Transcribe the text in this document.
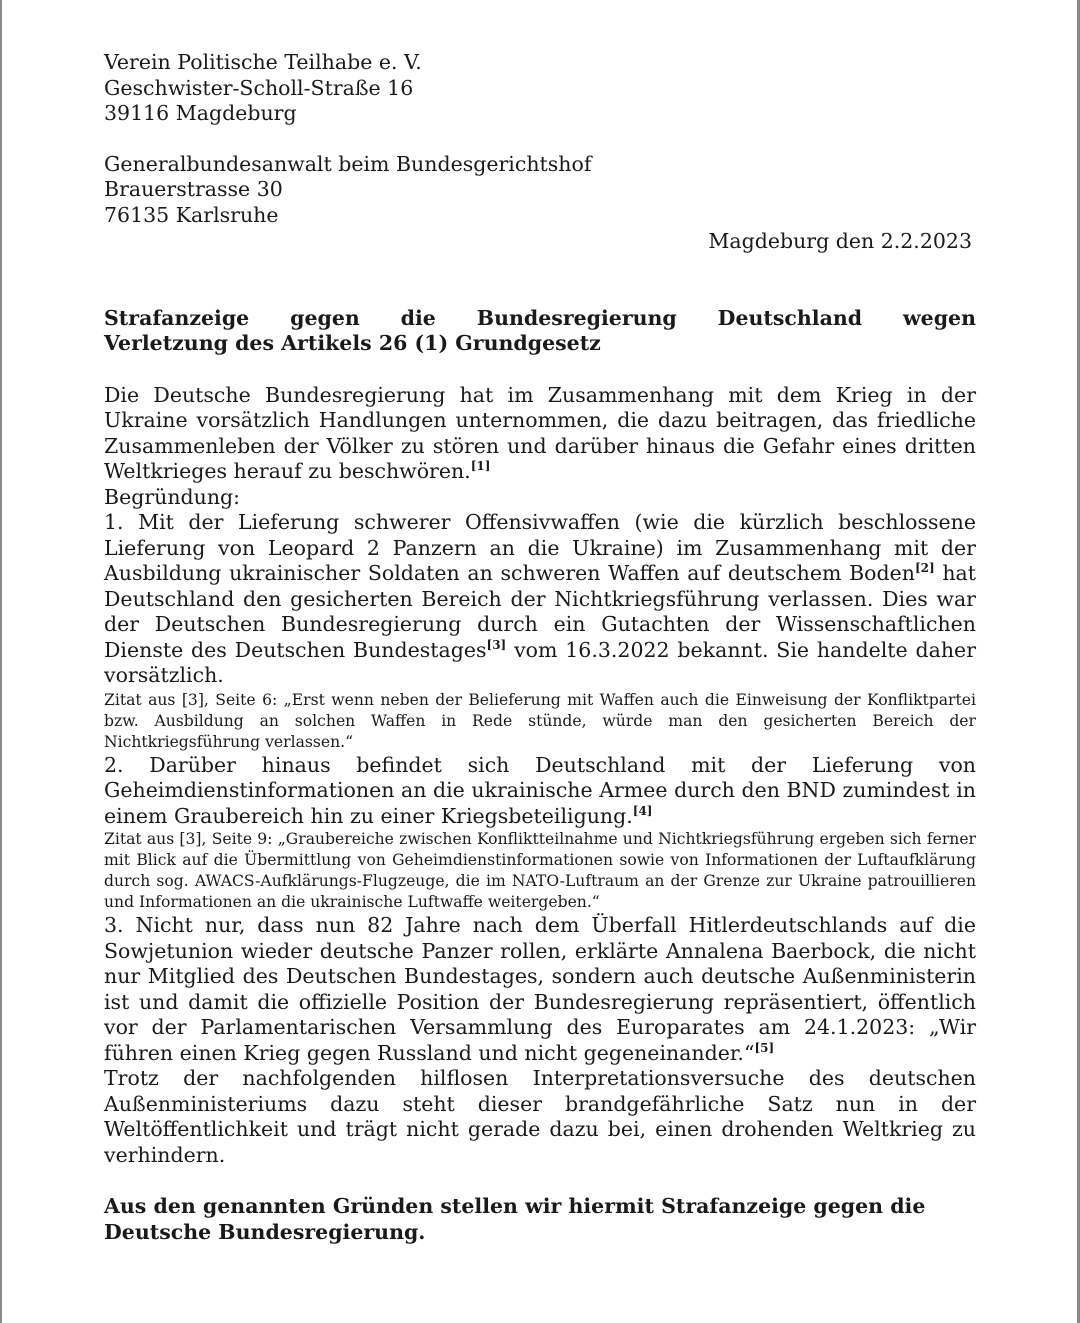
Verein Politische Teilhabe e. V.
Geschwister-Scholl-Straße 16
39116 Magdeburg
Generalbundesanwalt beim Bundesgerichtshof
Brauerstrasse 30
76135 Karlsruhe
Magdeburg den 2.2.2023
Strafanzeige gegen die Bundesregierung Deutschland wegen
Verletzung des Artikels 26 (1) Grundgesetz

Die Deutsche Bundesregierung hat im Zusammenhang mit dem Krieg in der Ukraine vorsätzlich Handlungen unternommen, die dazu beitragen, das friedliche Zusammenleben der Völker zu stören und darüber hinaus die Gefahr eines dritten Weltkrieges herauf zu beschwören.[1]

Begründung:

1. Mit der Lieferung schwerer Offensivwaffen (wie die kürzlich beschlossene Lieferung von Leopard 2 Panzern an die Ukraine) im Zusammenhang mit der Ausbildung ukrainischer Soldaten an schweren Waffen auf deutschem Boden[2] hat Deutschland den gesicherten Bereich der Nichtkriegsführung verlassen. Dies war der Deutschen Bundesregierung durch ein Gutachten der Wissenschaftlichen Dienste des Deutschen Bundestages[3] vom 16.3.2022 bekannt. Sie handelte daher vorsätzlich.

Zitat aus [3], Seite 6: „Erst wenn neben der Belieferung mit Waffen auch die Einweisung der Konfliktpartei bzw. Ausbildung an solchen Waffen in Rede stünde, würde man den gesicherten Bereich der Nichtkriegsführung verlassen.“

2. Darüber hinaus befindet sich Deutschland mit der Lieferung von Geheimdienstinformationen an die ukrainische Armee durch den BND zumindest in einem Graubereich hin zu einer Kriegsbeteiligung.[4]

Zitat aus [3], Seite 9: „Graubereiche zwischen Konfliktteilnahme und Nichtkriegsführung ergeben sich ferner mit Blick auf die Übermittlung von Geheimdienstinformationen sowie von Informationen der Luftaufklärung durch sog. AWACS-Aufklärungs-Flugzeuge, die im NATO-Luftraum an der Grenze zur Ukraine patrouillieren und Informationen an die ukrainische Luftwaffe weitergeben.“

3. Nicht nur, dass nun 82 Jahre nach dem Überfall Hitlerdeutschlands auf die Sowjetunion wieder deutsche Panzer rollen, erklärte Annalena Baerbock, die nicht nur Mitglied des Deutschen Bundestages, sondern auch deutsche Außenministerin ist und damit die offizielle Position der Bundesregierung repräsentiert, öffentlich vor der Parlamentarischen Versammlung des Europarates am 24.1.2023: „Wir führen einen Krieg gegen Russland und nicht gegeneinander.“[5]

Trotz der nachfolgenden hilflosen Interpretationsversuche des deutschen Außenministeriums dazu steht dieser brandgefährliche Satz nun in der Weltöffentlichkeit und trägt nicht gerade dazu bei, einen drohenden Weltkrieg zu verhindern.

Aus den genannten Gründen stellen wir hiermit Strafanzeige gegen die Deutsche Bundesregierung.
